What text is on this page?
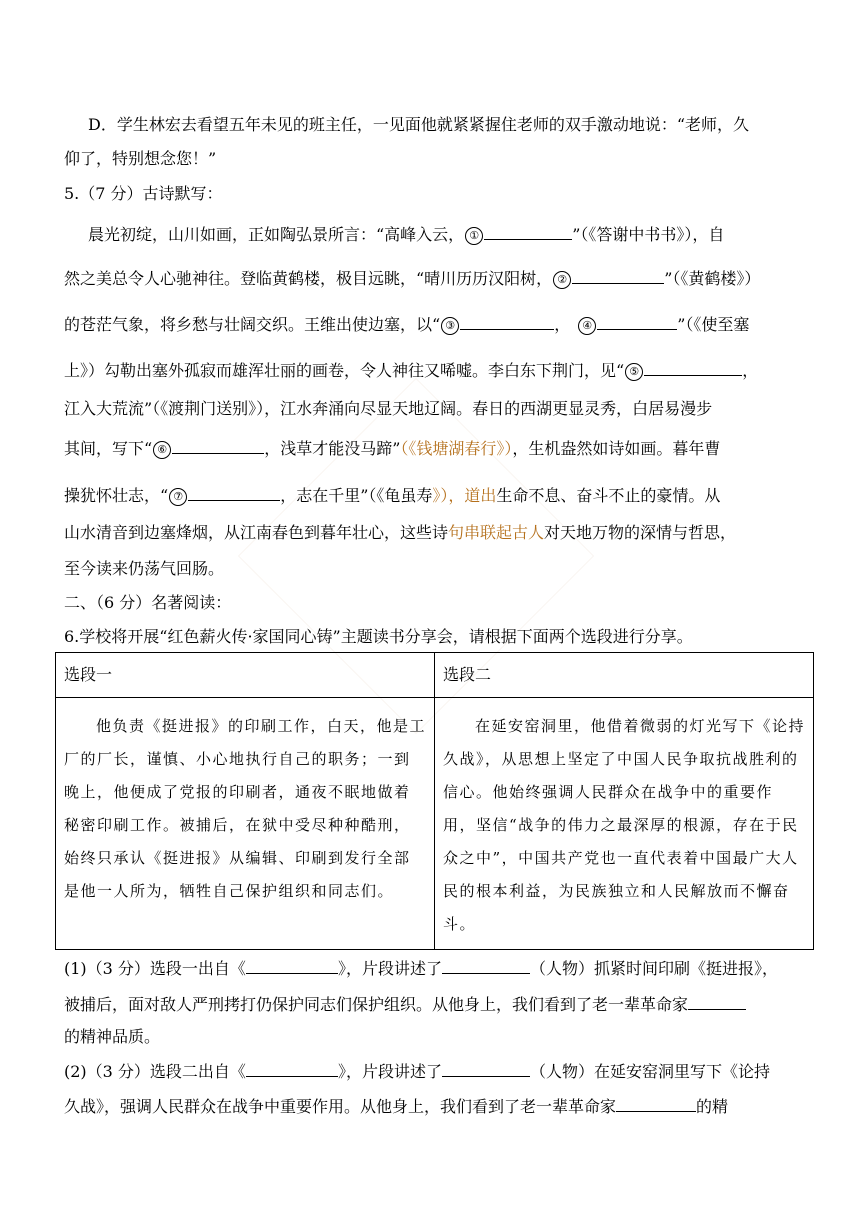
D．学生林宏去看望五年未见的班主任，一见面他就紧紧握住老师的双手激动地说：“老师，久
仰了，特别想念您！”
5.（7 分）古诗默写：
晨光初绽，山川如画，正如陶弘景所言：“高峰入云， ①	”（《答谢中书书》），自
然之美总令人心驰神往。登临黄鹤楼，极目远眺，“晴川历历汉阳树， ②	”（《黄鹤楼》）
的苍茫气象，将乡愁与壮阔交织。王维出使边塞，以“ ③	， ④	”（《使至塞
上》）勾勒出塞外孤寂而雄浑壮丽的画卷，令人神往又唏嘘。李白东下荆门，见“ ⑤	，
江入大荒流”（《渡荆门送别》），江水奔涌向尽显天地辽阔。春日的西湖更显灵秀，白居易漫步
其间，写下“ ⑥	，浅草才能没马蹄”（《钱塘湖春行》），生机盎然如诗如画。暮年曹
操犹怀壮志，“ ⑦	，志在千里”（《龟虽寿》），道出生命不息、奋斗不止的豪情。从
山水清音到边塞烽烟，从江南春色到暮年壮心，这些诗句串联起古人对天地万物的深情与哲思，
至今读来仍荡气回肠。
二、（6 分）名著阅读：
6.学校将开展“红色薪火传·家国同心铸”主题读书分享会，请根据下面两个选段进行分享。
选段一	选段二

他负责《挺进报》的印刷工作，白天，他是工厂的厂长，谨慎、小心地执行自己的职务；一到晚上，他便成了党报的印刷者，通夜不眠地做着秘密印刷工作。被捕后，在狱中受尽种种酷刑，始终只承认《挺进报》从编辑、印刷到发行全部是他一人所为，牺牲自己保护组织和同志们。	在延安窑洞里，他借着微弱的灯光写下《论持久战》，从思想上坚定了中国人民争取抗战胜利的信心。他始终强调人民群众在战争中的重要作用，坚信“战争的伟力之最深厚的根源，存在于民众之中”，中国共产党也一直代表着中国最广大人民的根本利益，为民族独立和人民解放而不懈奋斗。
(1)（3 分）选段一出自《	》，片段讲述了	（人物）抓紧时间印刷《挺进报》，
被捕后，面对敌人严刑拷打仍保护同志们保护组织。从他身上，我们看到了老一辈革命家
的精神品质。
(2)（3 分）选段二出自《	》，片段讲述了	（人物）在延安窑洞里写下《论持
久战》，强调人民群众在战争中重要作用。从他身上，我们看到了老一辈革命家	的精
